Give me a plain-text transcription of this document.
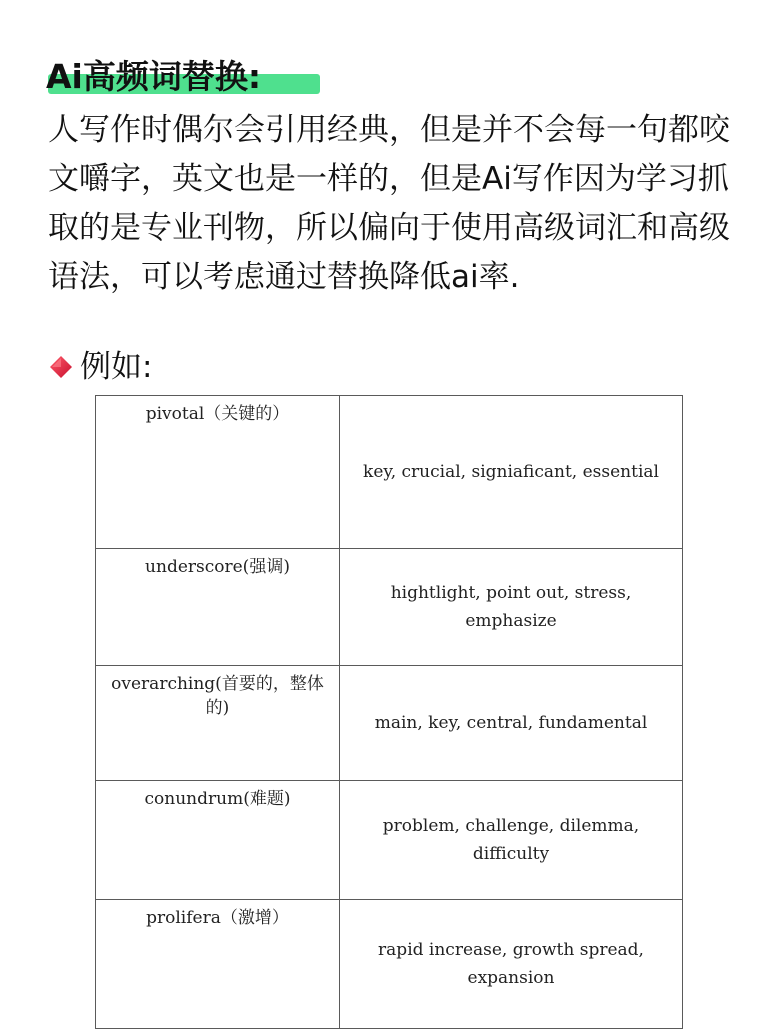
Ai高频词替换:

人写作时偶尔会引用经典，但是并不会每一句都咬文嚼字，英文也是一样的，但是Ai写作因为学习抓取的是专业刊物，所以偏向于使用高级词汇和高级语法，可以考虑通过替换降低ai率.

例如:
pivotal（关键的）	key, crucial, signiaficant, essential
underscore(强调)	hightlight, point out, stress, emphasize
overarching(首要的，整体的)	main, key, central, fundamental
conundrum(难题)	problem, challenge, dilemma, difficulty
prolifera（激增）	rapid increase, growth spread, expansion
